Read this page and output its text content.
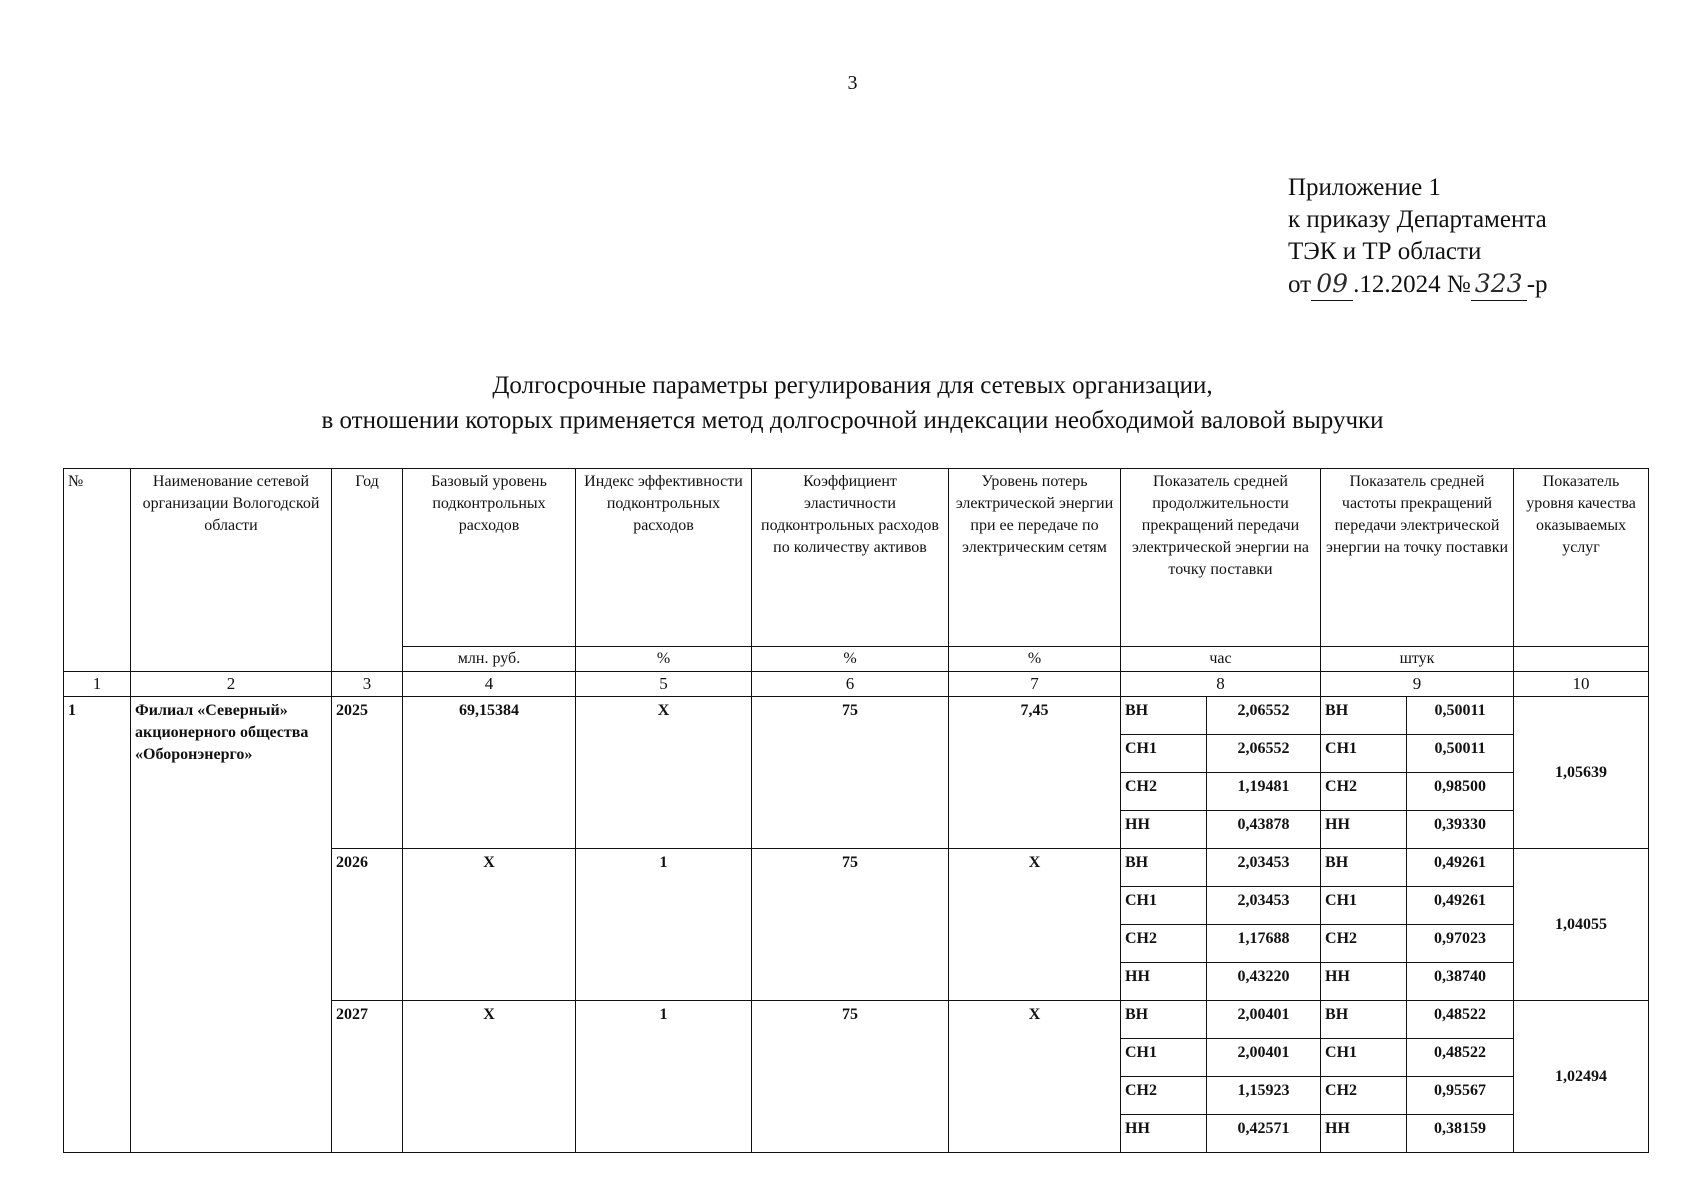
3
Приложение 1
к приказу Департамента
ТЭК и ТР области
от 09 .12.2024 № 323 -р
Долгосрочные параметры регулирования для сетевых организации,
в отношении которых применяется метод долгосрочной индексации необходимой валовой выручки
№	Наименование сетевой организации Вологодской области	Год	Базовый уровень подконтрольных расходов	Индекс эффективности подконтрольных расходов	Коэффициент эластичности подконтрольных расходов по количеству активов	Уровень потерь электрической энергии при ее передаче по электрическим сетям	Показатель средней продолжительности прекращений передачи электрической энергии на точку поставки		Показатель средней частоты прекращений передачи электрической энергии на точку поставки		Показатель уровня качества оказываемых услуг
			млн. руб.	%	%	%	час		штук		
1	2	3	4	5	6	7	8		9		10
1	Филиал «Северный» акционерного общества «Оборонэнерго»	2025	69,15384	Х	75	7,45	ВН	2,06552	ВН	0,50011	1,05639
							СН1	2,06552	СН1	0,50011	
							СН2	1,19481	СН2	0,98500	
							НН	0,43878	НН	0,39330	
		2026	Х	1	75	Х	ВН	2,03453	ВН	0,49261	1,04055
							СН1	2,03453	СН1	0,49261	
							СН2	1,17688	СН2	0,97023	
							НН	0,43220	НН	0,38740	
		2027	Х	1	75	Х	ВН	2,00401	ВН	0,48522	1,02494
							СН1	2,00401	СН1	0,48522	
							СН2	1,15923	СН2	0,95567	
							НН	0,42571	НН	0,38159	
